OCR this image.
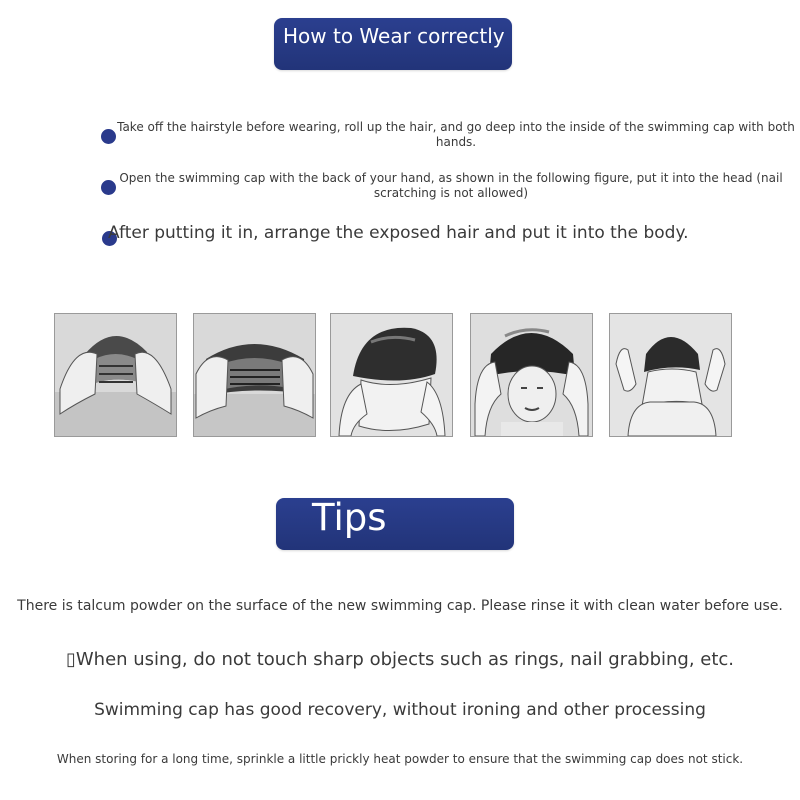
How to Wear correctly
Take off the hairstyle before wearing, roll up the hair, and go deep into the inside of the swimming cap with both hands.
Open the swimming cap with the back of your hand, as shown in the following figure, put it into the head (nail scratching is not allowed)
After putting it in, arrange the exposed hair and put it into the body.
Tips
There is talcum powder on the surface of the new swimming cap. Please rinse it with clean water before use.
▯When using, do not touch sharp objects such as rings, nail grabbing, etc.
Swimming cap has good recovery, without ironing and other processing
When storing for a long time, sprinkle a little prickly heat powder to ensure that the swimming cap does not stick.
